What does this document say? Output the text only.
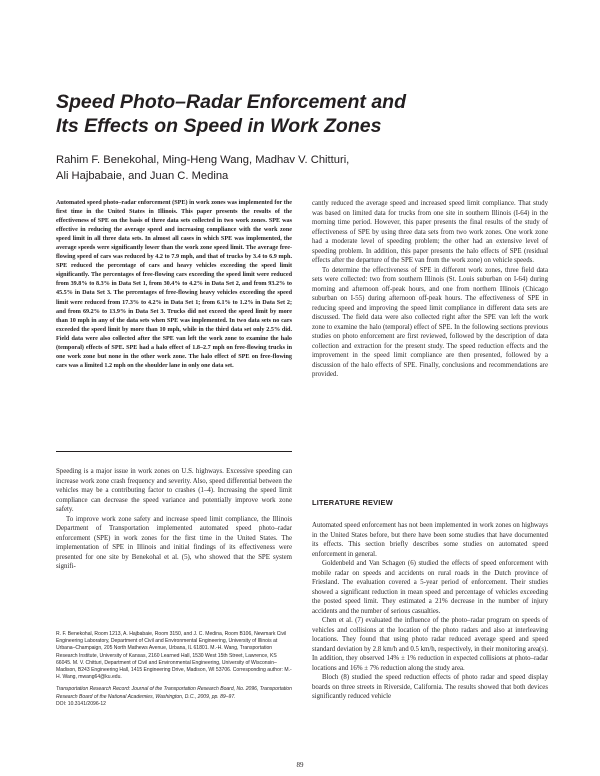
Speed Photo–Radar Enforcement and
Its Effects on Speed in Work Zones
Rahim F. Benekohal, Ming-Heng Wang, Madhav V. Chitturi,
Ali Hajbabaie, and Juan C. Medina
Automated speed photo–radar enforcement (SPE) in work zones was implemented for the first time in the United States in Illinois. This paper presents the results of the effectiveness of SPE on the basis of three data sets collected in two work zones. SPE was effective in reducing the average speed and increasing compliance with the work zone speed limit in all three data sets. In almost all cases in which SPE was implemented, the average speeds were significantly lower than the work zone speed limit. The average free-flowing speed of cars was reduced by 4.2 to 7.9 mph, and that of trucks by 3.4 to 6.9 mph. SPE reduced the percentage of cars and heavy vehicles exceeding the speed limit significantly. The percentages of free-flowing cars exceeding the speed limit were reduced from 39.8% to 8.3% in Data Set 1, from 30.4% to 4.2% in Data Set 2, and from 93.2% to 45.5% in Data Set 3. The percentages of free-flowing heavy vehicles exceeding the speed limit were reduced from 17.3% to 4.2% in Data Set 1; from 6.1% to 1.2% in Data Set 2; and from 69.2% to 13.9% in Data Set 3. Trucks did not exceed the speed limit by more than 10 mph in any of the data sets when SPE was implemented. In two data sets no cars exceeded the speed limit by more than 10 mph, while in the third data set only 2.5% did. Field data were also collected after the SPE van left the work zone to examine the halo (temporal) effects of SPE. SPE had a halo effect of 1.8–2.7 mph on free-flowing trucks in one work zone but none in the other work zone. The halo effect of SPE on free-flowing cars was a limited 1.2 mph on the shoulder lane in only one data set.

Speeding is a major issue in work zones on U.S. highways. Excessive speeding can increase work zone crash frequency and severity. Also, speed differential between the vehicles may be a contributing factor to crashes (1–4). Increasing the speed limit compliance can decrease the speed variance and potentially improve work zone safety.

To improve work zone safety and increase speed limit compliance, the Illinois Department of Transportation implemented automated speed photo–radar enforcement (SPE) in work zones for the first time in the United States. The implementation of SPE in Illinois and initial findings of its effectiveness were presented for one site by Benekohal et al. (5), who showed that the SPE system signifi-

R. F. Benekohal, Room 1213, A. Hajbabaie, Room 3150, and J. C. Medina, Room B106, Newmark Civil Engineering Laboratory, Department of Civil and Environmental Engineering, University of Illinois at Urbana–Champaign, 205 North Mathews Avenue, Urbana, IL 61801. M.-H. Wang, Transportation Research Institute, University of Kansas, 2160 Learned Hall, 1530 West 15th Street, Lawrence, KS 66045. M. V. Chitturi, Department of Civil and Environmental Engineering, University of Wisconsin–Madison, B243 Engineering Hall, 1415 Engineering Drive, Madison, WI 53706. Corresponding author: M.-H. Wang, mwang64@ku.edu.

Transportation Research Record: Journal of the Transportation Research Board, No. 2096, Transportation Research Board of the National Academies, Washington, D.C., 2009, pp. 89–97.
DOI: 10.3141/2096-12

cantly reduced the average speed and increased speed limit compliance. That study was based on limited data for trucks from one site in southern Illinois (I-64) in the morning time period. However, this paper presents the final results of the study of effectiveness of SPE by using three data sets from two work zones. One work zone had a moderate level of speeding problem; the other had an extensive level of speeding problem. In addition, this paper presents the halo effects of SPE (residual effects after the departure of the SPE van from the work zone) on vehicle speeds.

To determine the effectiveness of SPE in different work zones, three field data sets were collected: two from southern Illinois (St. Louis suburban on I-64) during morning and afternoon off-peak hours, and one from northern Illinois (Chicago suburban on I-55) during afternoon off-peak hours. The effectiveness of SPE in reducing speed and improving the speed limit compliance in different data sets are discussed. The field data were also collected right after the SPE van left the work zone to examine the halo (temporal) effect of SPE. In the following sections previous studies on photo enforcement are first reviewed, followed by the description of data collection and extraction for the present study. The speed reduction effects and the improvement in the speed limit compliance are then presented, followed by a discussion of the halo effects of SPE. Finally, conclusions and recommendations are provided.

LITERATURE REVIEW

Automated speed enforcement has not been implemented in work zones on highways in the United States before, but there have been some studies that have documented its effects. This section briefly describes some studies on automated speed enforcement in general.

Goldenbeld and Van Schagen (6) studied the effects of speed enforcement with mobile radar on speeds and accidents on rural roads in the Dutch province of Friesland. The evaluation covered a 5-year period of enforcement. Their studies showed a significant reduction in mean speed and percentage of vehicles exceeding the posted speed limit. They estimated a 21% decrease in the number of injury accidents and the number of serious casualties.

Chen et al. (7) evaluated the influence of the photo–radar program on speeds of vehicles and collisions at the location of the photo radars and also at interleaving locations. They found that using photo radar reduced average speed and speed standard deviation by 2.8 km/h and 0.5 km/h, respectively, in their monitoring area(s). In addition, they observed 14% ± 1% reduction in expected collisions at photo–radar locations and 16% ± 7% reduction along the study area.

Bloch (8) studied the speed reduction effects of photo radar and speed display boards on three streets in Riverside, California. The results showed that both devices significantly reduced vehicle

89
